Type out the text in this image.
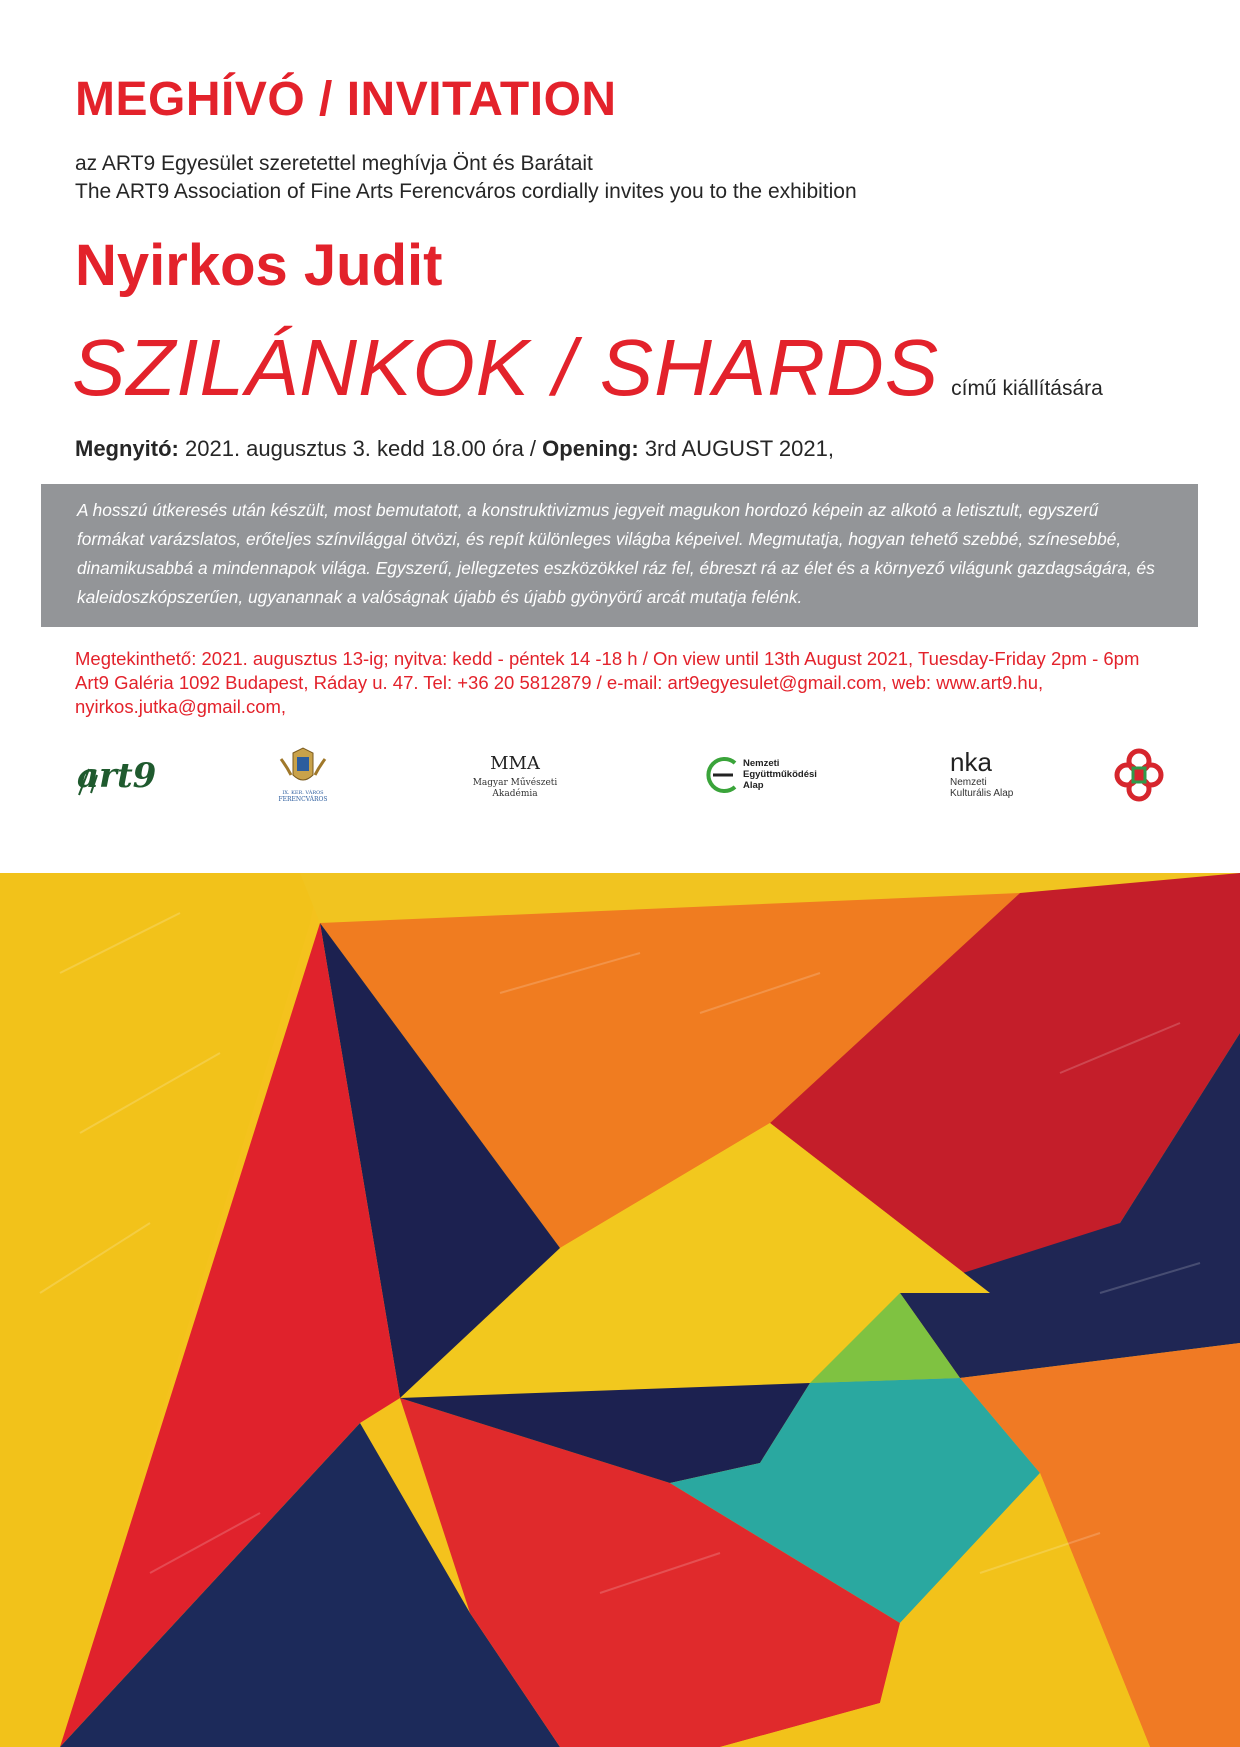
MEGHÍVÓ / INVITATION
az ART9 Egyesület szeretettel meghívja Önt és Barátait
The ART9 Association of Fine Arts Ferencváros cordially invites you to the exhibition
Nyirkos Judit
SZILÁNKOK / SHARDS című kiállítására
Megnyitó: 2021. augusztus 3. kedd 18.00 óra / Opening: 3rd AUGUST 2021,
A hosszú útkeresés után készült, most bemutatott, a konstruktivizmus jegyeit magukon hordozó képein az alkotó a letisztult, egyszerű formákat varázslatos, erőteljes színvilággal ötvözi, és repít különleges világba képeivel. Megmutatja, hogyan tehető szebbé, színesebbé, dinamikusabbá a mindennapok világa. Egyszerű, jellegzetes eszközökkel ráz fel, ébreszt rá az élet és a környező világunk gazdagságára, és kaleidoszkópszerűen, ugyanannak a valóságnak újabb és újabb gyönyörű arcát mutatja felénk.
Megtekinthető: 2021. augusztus 13-ig; nyitva: kedd - péntek 14 -18 h / On view until 13th August 2021, Tuesday-Friday 2pm - 6pm
Art9 Galéria 1092 Budapest, Ráday u. 47. Tel: +36 20 5812879 / e-mail: art9egyesulet@gmail.com, web: www.art9.hu,
nyirkos.jutka@gmail.com,
art9	IX. KER. VÁROS
FERENCVÁROS
MMA
Magyar Művészeti
Akadémia
Nemzeti
Együttműködési
Alap
nka
Nemzeti
Kulturális Alap
